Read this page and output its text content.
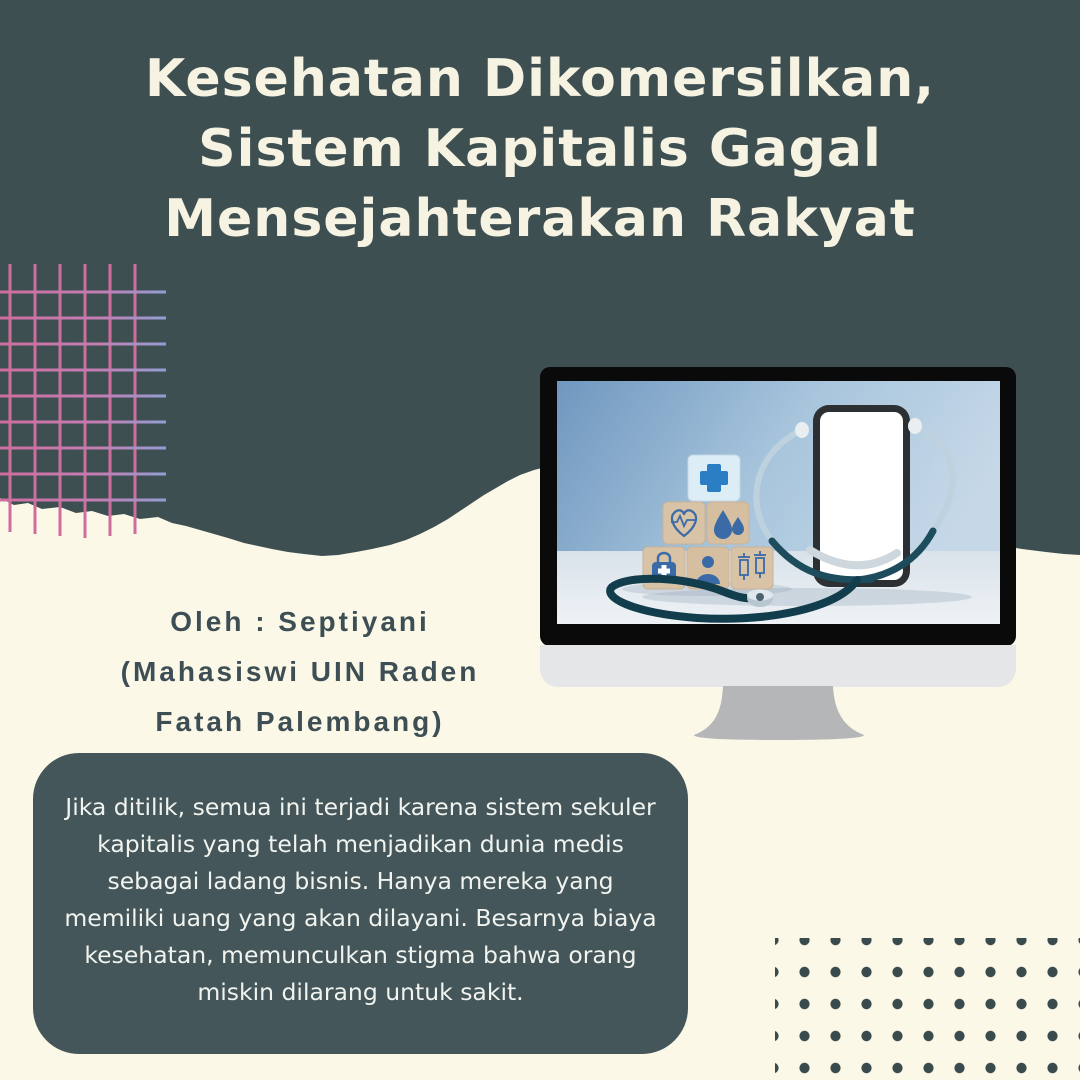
Kesehatan Dikomersilkan,
Sistem Kapitalis Gagal
Mensejahterakan Rakyat
Oleh : Septiyani
(Mahasiswi UIN Raden
Fatah Palembang)

Jika ditilik, semua ini terjadi karena sistem sekuler kapitalis yang telah menjadikan dunia medis sebagai ladang bisnis. Hanya mereka yang memiliki uang yang akan dilayani. Besarnya biaya kesehatan, memunculkan stigma bahwa orang miskin dilarang untuk sakit.
